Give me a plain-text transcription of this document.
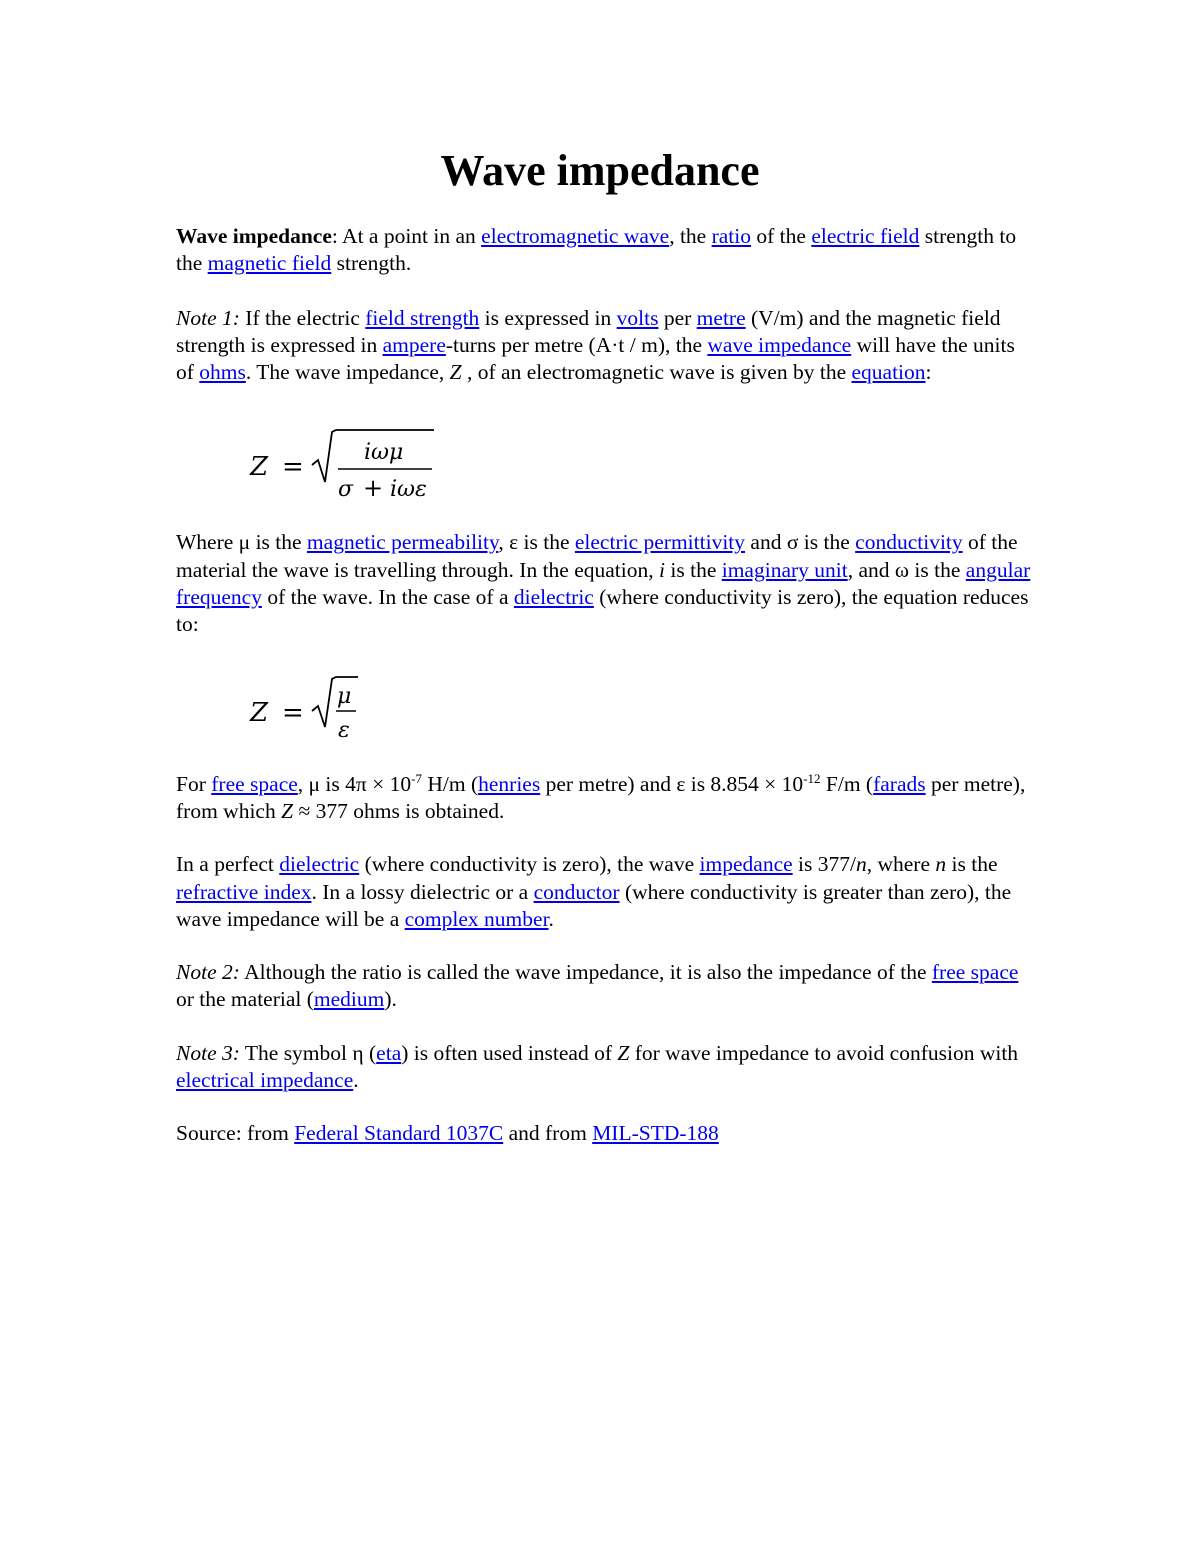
Wave impedance

Wave impedance: At a point in an electromagnetic wave, the ratio of the electric field strength to the magnetic field strength.

Note 1: If the electric field strength is expressed in volts per metre (V/m) and the magnetic field strength is expressed in ampere-turns per metre (A·t / m), the wave impedance will have the units of ohms. The wave impedance, Z , of an electromagnetic wave is given by the equation:

Z =	iωμ
σ + iωε

Where μ is the magnetic permeability, ε is the electric permittivity and σ is the conductivity of the material the wave is travelling through. In the equation, i is the imaginary unit, and ω is the angular frequency of the wave. In the case of a dielectric (where conductivity is zero), the equation reduces to:

Z =
μ
ε

For free space, μ is $4\pi \times 10^{-7}$ H/m (henries per metre) and ε is $8.854 \times 10^{-12}$ F/m (farads per metre), from which Z ≈ 377 ohms is obtained.

In a perfect dielectric (where conductivity is zero), the wave impedance is 377/n, where n is the refractive index. In a lossy dielectric or a conductor (where conductivity is greater than zero), the wave impedance will be a complex number.

Note 2: Although the ratio is called the wave impedance, it is also the impedance of the free space or the material (medium).

Note 3: The symbol η (eta) is often used instead of Z for wave impedance to avoid confusion with electrical impedance.

Source: from Federal Standard 1037C and from MIL-STD-188
